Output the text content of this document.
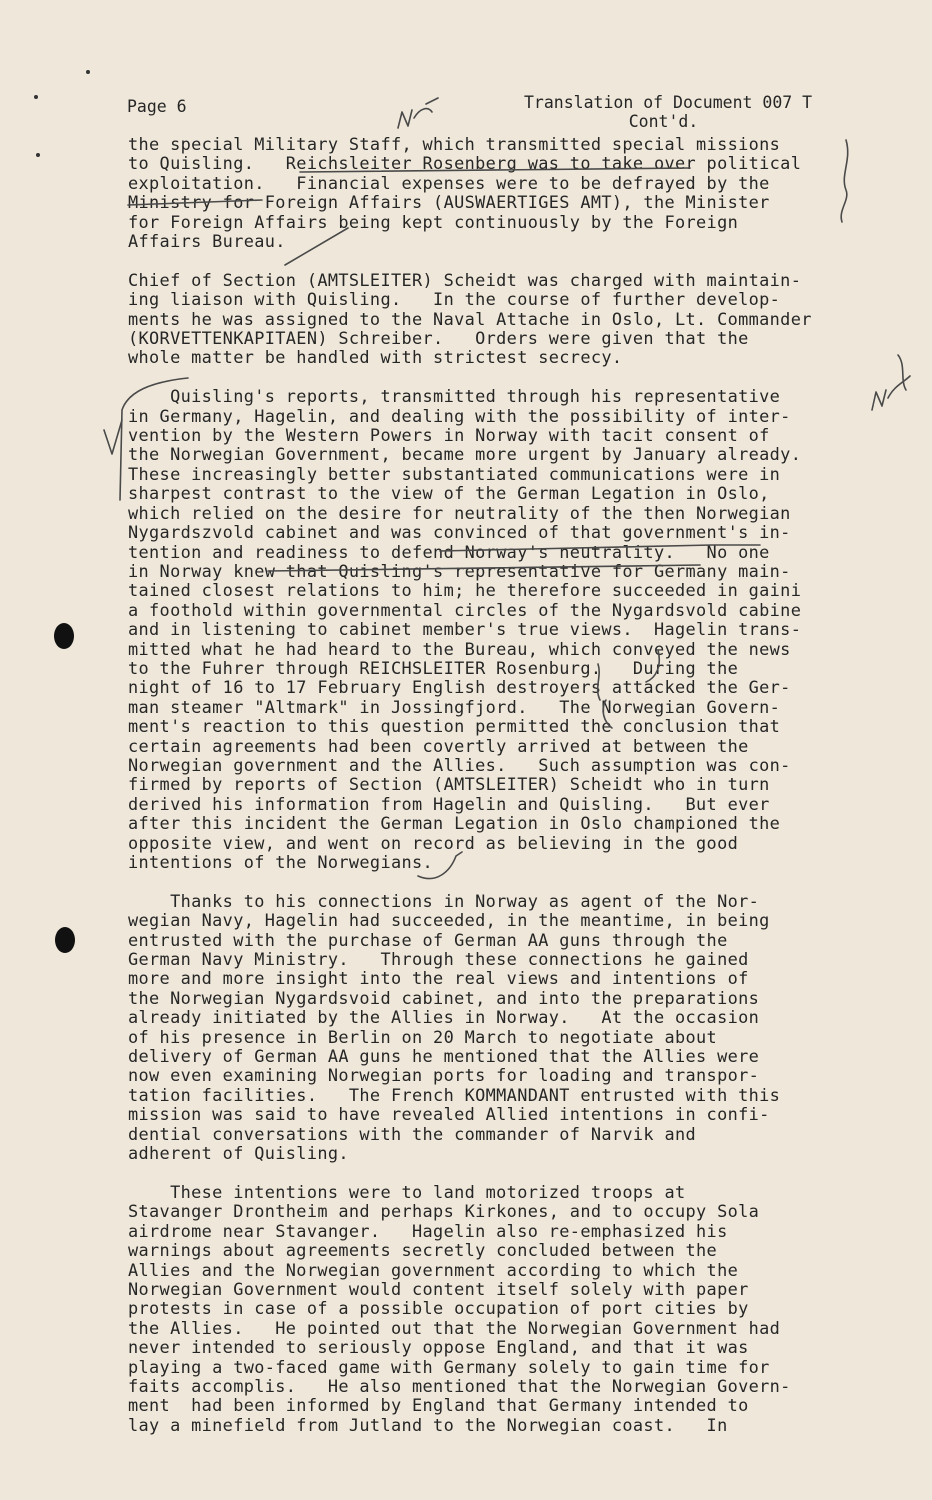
Page 6	Translation of Document 007 T
Cont'd.
the special Military Staff, which transmitted special missions
to Quisling.   Reichsleiter Rosenberg was to take over political
exploitation.   Financial expenses were to be defrayed by the
Ministry for Foreign Affairs (AUSWAERTIGES AMT), the Minister
for Foreign Affairs being kept continuously by the Foreign
Affairs Bureau.
Chief of Section (AMTSLEITER) Scheidt was charged with maintain-
ing liaison with Quisling.   In the course of further develop-
ments he was assigned to the Naval Attache in Oslo, Lt. Commander
(KORVETTENKAPITAEN) Schreiber.   Orders were given that the
whole matter be handled with strictest secrecy.
Quisling's reports, transmitted through his representative
in Germany, Hagelin, and dealing with the possibility of inter-
vention by the Western Powers in Norway with tacit consent of
the Norwegian Government, became more urgent by January already.
These increasingly better substantiated communications were in
sharpest contrast to the view of the German Legation in Oslo,
which relied on the desire for neutrality of the then Norwegian
Nygardszvold cabinet and was convinced of that government's in-
tention and readiness to defend Norway's neutrality.   No one
in Norway knew that Quisling's representative for Germany main-
tained closest relations to him; he therefore succeeded in gaini
a foothold within governmental circles of the Nygardsvold cabine
and in listening to cabinet member's true views.  Hagelin trans-
mitted what he had heard to the Bureau, which conveyed the news
to the Fuhrer through REICHSLEITER Rosenburg.   During the
night of 16 to 17 February English destroyers attacked the Ger-
man steamer "Altmark" in Jossingfjord.   The Norwegian Govern-
ment's reaction to this question permitted the conclusion that
certain agreements had been covertly arrived at between the
Norwegian government and the Allies.   Such assumption was con-
firmed by reports of Section (AMTSLEITER) Scheidt who in turn
derived his information from Hagelin and Quisling.   But ever
after this incident the German Legation in Oslo championed the
opposite view, and went on record as believing in the good
intentions of the Norwegians.
Thanks to his connections in Norway as agent of the Nor-
wegian Navy, Hagelin had succeeded, in the meantime, in being
entrusted with the purchase of German AA guns through the
German Navy Ministry.   Through these connections he gained
more and more insight into the real views and intentions of
the Norwegian Nygardsvoid cabinet, and into the preparations
already initiated by the Allies in Norway.   At the occasion
of his presence in Berlin on 20 March to negotiate about
delivery of German AA guns he mentioned that the Allies were
now even examining Norwegian ports for loading and transpor-
tation facilities.   The French KOMMANDANT entrusted with this
mission was said to have revealed Allied intentions in confi-
dential conversations with the commander of Narvik and
adherent of Quisling.
These intentions were to land motorized troops at
Stavanger Drontheim and perhaps Kirkones, and to occupy Sola
airdrome near Stavanger.   Hagelin also re-emphasized his
warnings about agreements secretly concluded between the
Allies and the Norwegian government according to which the
Norwegian Government would content itself solely with paper
protests in case of a possible occupation of port cities by
the Allies.   He pointed out that the Norwegian Government had
never intended to seriously oppose England, and that it was
playing a two-faced game with Germany solely to gain time for
faits accomplis.   He also mentioned that the Norwegian Govern-
ment  had been informed by England that Germany intended to
lay a minefield from Jutland to the Norwegian coast.   In
